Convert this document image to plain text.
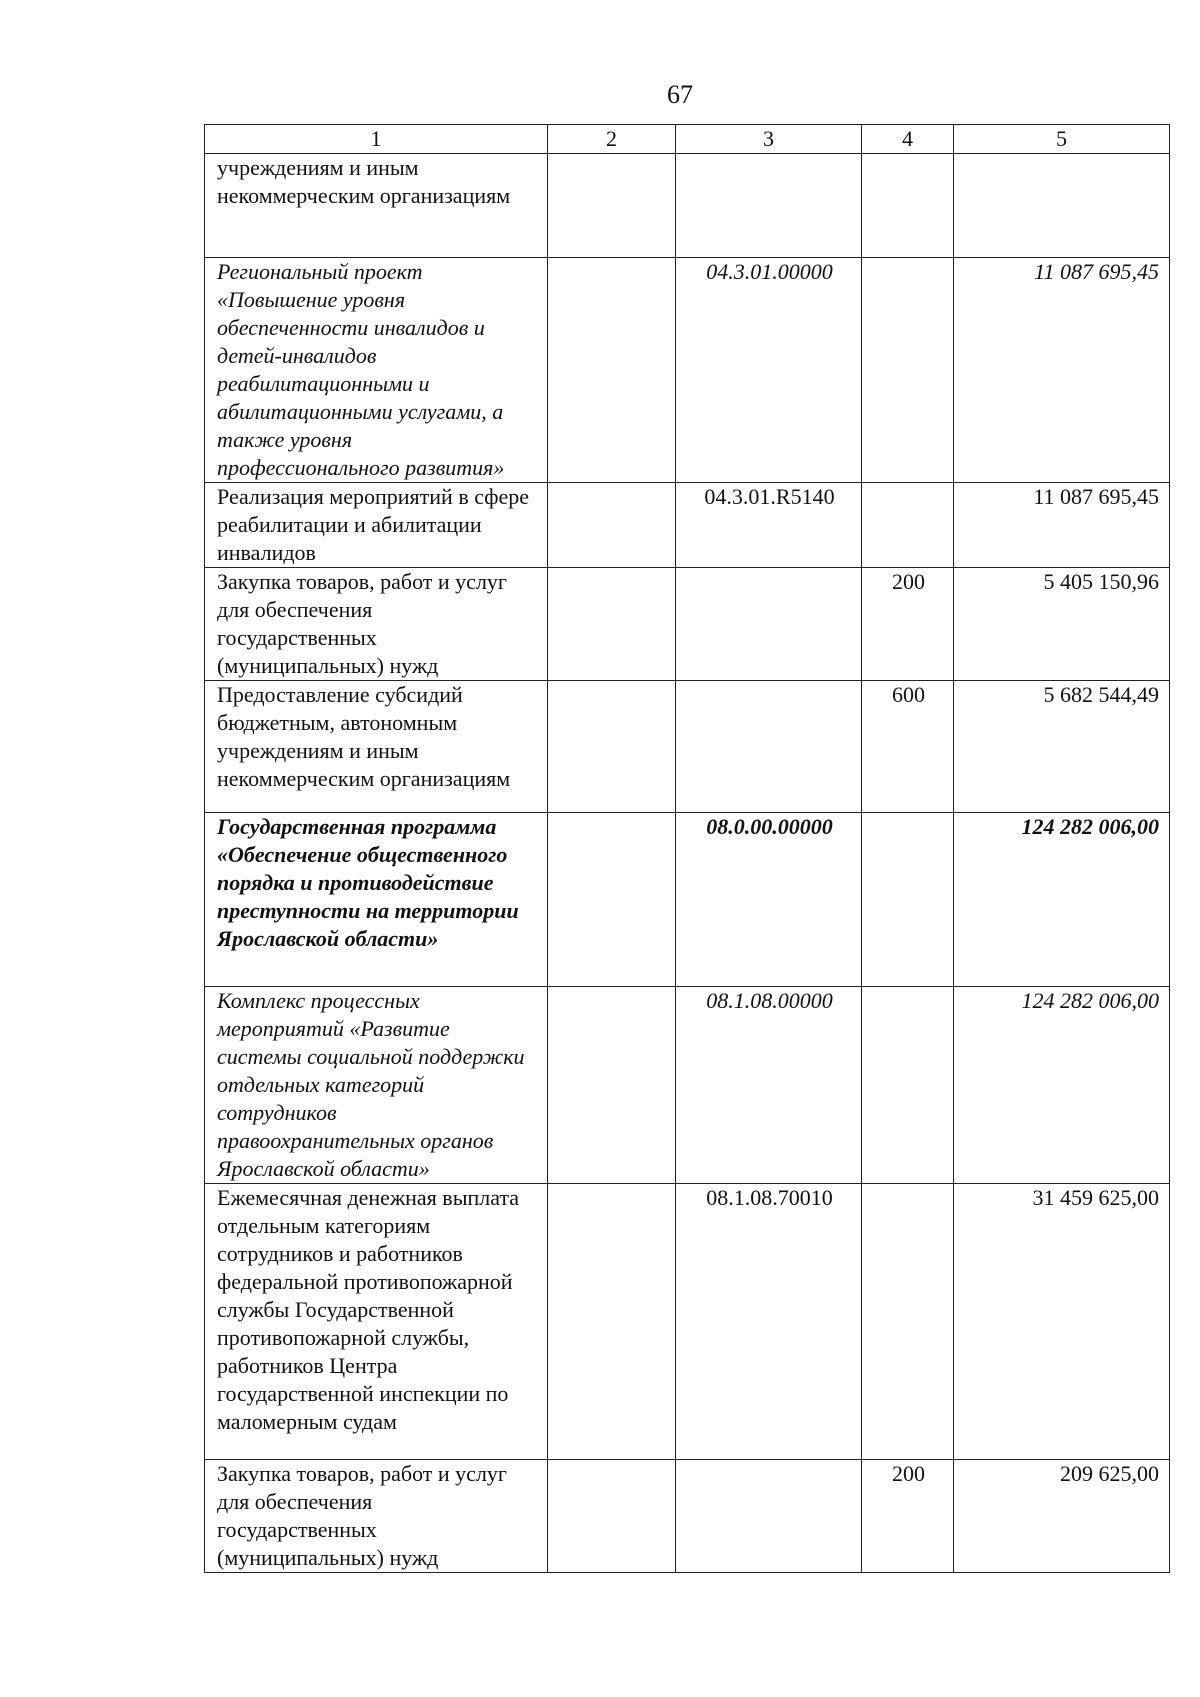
67
1	2	3	4	5
учреждениям и иным некоммерческим организациям				
Региональный проект «Повышение уровня обеспеченности инвалидов и детей-инвалидов реабилитационными и абилитационными услугами, а также уровня профессионального развития»		04.3.01.00000		11 087 695,45
Реализация мероприятий в сфере реабилитации и абилитации инвалидов		04.3.01.R5140		11 087 695,45
Закупка товаров, работ и услуг для обеспечения государственных (муниципальных) нужд			200	5 405 150,96
Предоставление субсидий бюджетным, автономным учреждениям и иным некоммерческим организациям			600	5 682 544,49
Государственная программа «Обеспечение общественного порядка и противодействие преступности на территории Ярославской области»		08.0.00.00000		124 282 006,00
Комплекс процессных мероприятий «Развитие системы социальной поддержки отдельных категорий сотрудников правоохранительных органов Ярославской области»		08.1.08.00000		124 282 006,00
Ежемесячная денежная выплата отдельным категориям сотрудников и работников федеральной противопожарной службы Государственной противопожарной службы, работников Центра государственной инспекции по маломерным судам		08.1.08.70010		31 459 625,00
Закупка товаров, работ и услуг для обеспечения государственных (муниципальных) нужд			200	209 625,00
